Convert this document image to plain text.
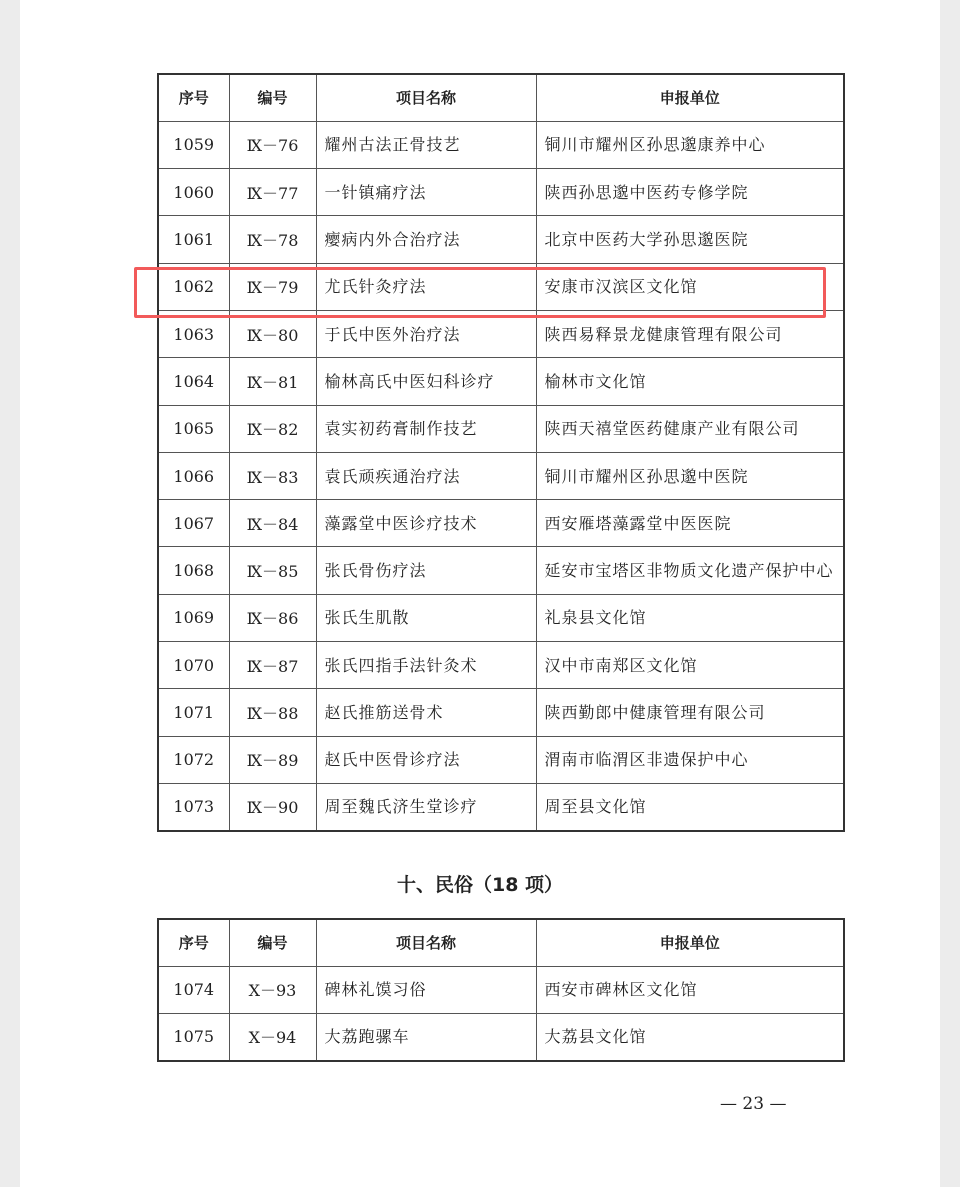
序号	编号	项目名称	申报单位
1059	Ⅸ－76	耀州古法正骨技艺	铜川市耀州区孙思邈康养中心
1060	Ⅸ－77	一针镇痛疗法	陕西孙思邈中医药专修学院
1061	Ⅸ－78	瘿病内外合治疗法	北京中医药大学孙思邈医院
1062	Ⅸ－79	尤氏针灸疗法	安康市汉滨区文化馆
1063	Ⅸ－80	于氏中医外治疗法	陕西易释景龙健康管理有限公司
1064	Ⅸ－81	榆林高氏中医妇科诊疗	榆林市文化馆
1065	Ⅸ－82	袁实初药膏制作技艺	陕西天禧堂医药健康产业有限公司
1066	Ⅸ－83	袁氏顽疾通治疗法	铜川市耀州区孙思邈中医院
1067	Ⅸ－84	藻露堂中医诊疗技术	西安雁塔藻露堂中医医院
1068	Ⅸ－85	张氏骨伤疗法	延安市宝塔区非物质文化遗产保护中心
1069	Ⅸ－86	张氏生肌散	礼泉县文化馆
1070	Ⅸ－87	张氏四指手法针灸术	汉中市南郑区文化馆
1071	Ⅸ－88	赵氏推筋送骨术	陕西勤郎中健康管理有限公司
1072	Ⅸ－89	赵氏中医骨诊疗法	渭南市临渭区非遗保护中心
1073	Ⅸ－90	周至魏氏济生堂诊疗	周至县文化馆
十、民俗（18 项）
序号	编号	项目名称	申报单位
1074	Ⅹ－93	碑林礼馍习俗	西安市碑林区文化馆
1075	Ⅹ－94	大荔跑骡车	大荔县文化馆
— 23 —
